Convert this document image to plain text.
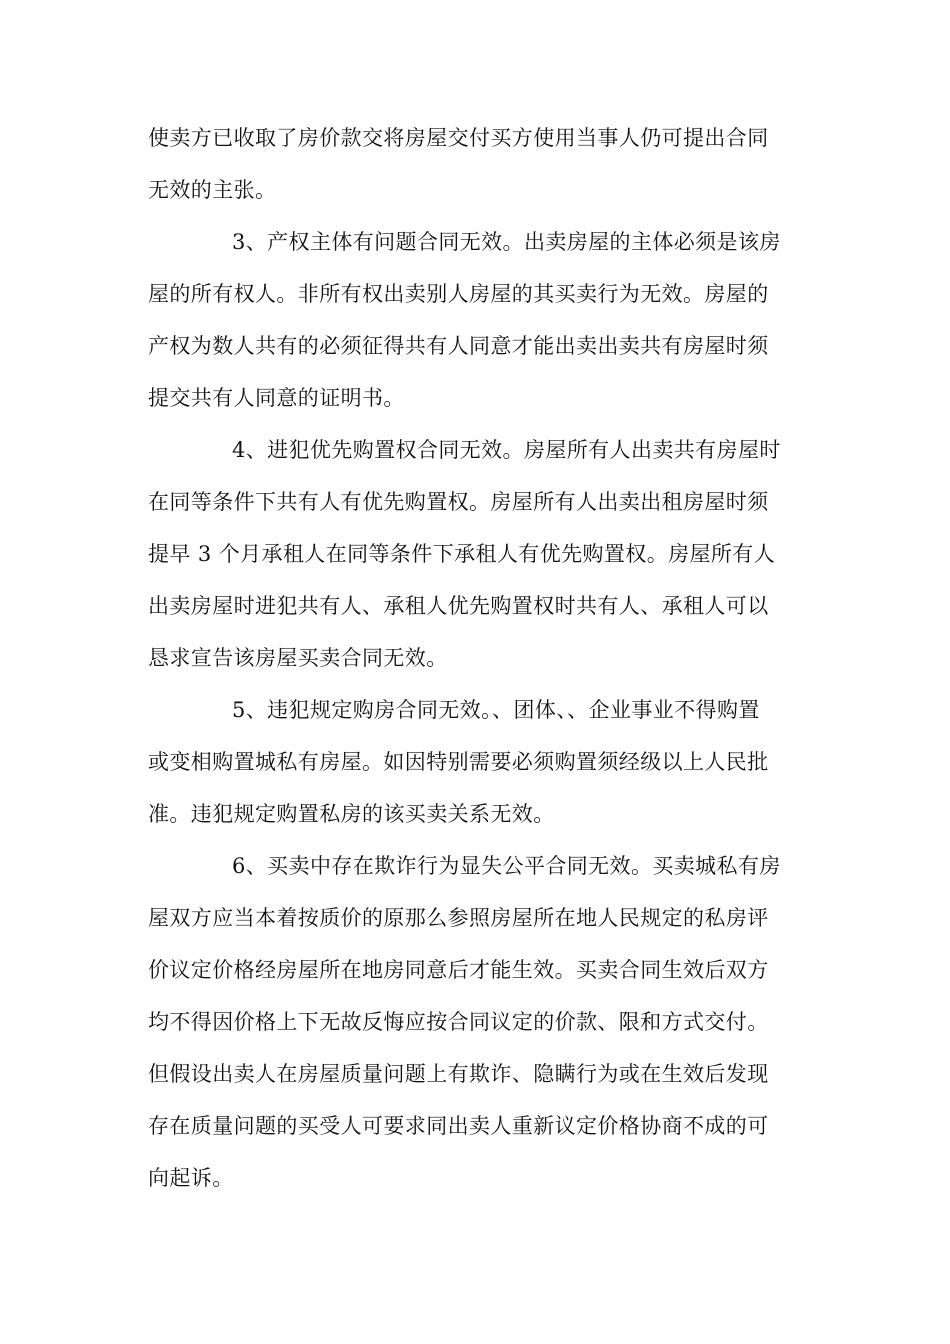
使卖方已收取了房价款交将房屋交付买方使用当事人仍可提出合同
无效的主张。
3、产权主体有问题合同无效。出卖房屋的主体必须是该房
屋的所有权人。非所有权出卖别人房屋的其买卖行为无效。房屋的
产权为数人共有的必须征得共有人同意才能出卖出卖共有房屋时须
提交共有人同意的证明书。
4、进犯优先购置权合同无效。房屋所有人出卖共有房屋时
在同等条件下共有人有优先购置权。房屋所有人出卖出租房屋时须
提早 3 个月承租人在同等条件下承租人有优先购置权。房屋所有人
出卖房屋时进犯共有人、承租人优先购置权时共有人、承租人可以
恳求宣告该房屋买卖合同无效。
5、违犯规定购房合同无效。、团体、、企业事业不得购置
或变相购置城私有房屋。如因特别需要必须购置须经级以上人民批
准。违犯规定购置私房的该买卖关系无效。
6、买卖中存在欺诈行为显失公平合同无效。买卖城私有房
屋双方应当本着按质价的原那么参照房屋所在地人民规定的私房评
价议定价格经房屋所在地房同意后才能生效。买卖合同生效后双方
均不得因价格上下无故反悔应按合同议定的价款、限和方式交付。
但假设出卖人在房屋质量问题上有欺诈、隐瞒行为或在生效后发现
存在质量问题的买受人可要求同出卖人重新议定价格协商不成的可
向起诉。
